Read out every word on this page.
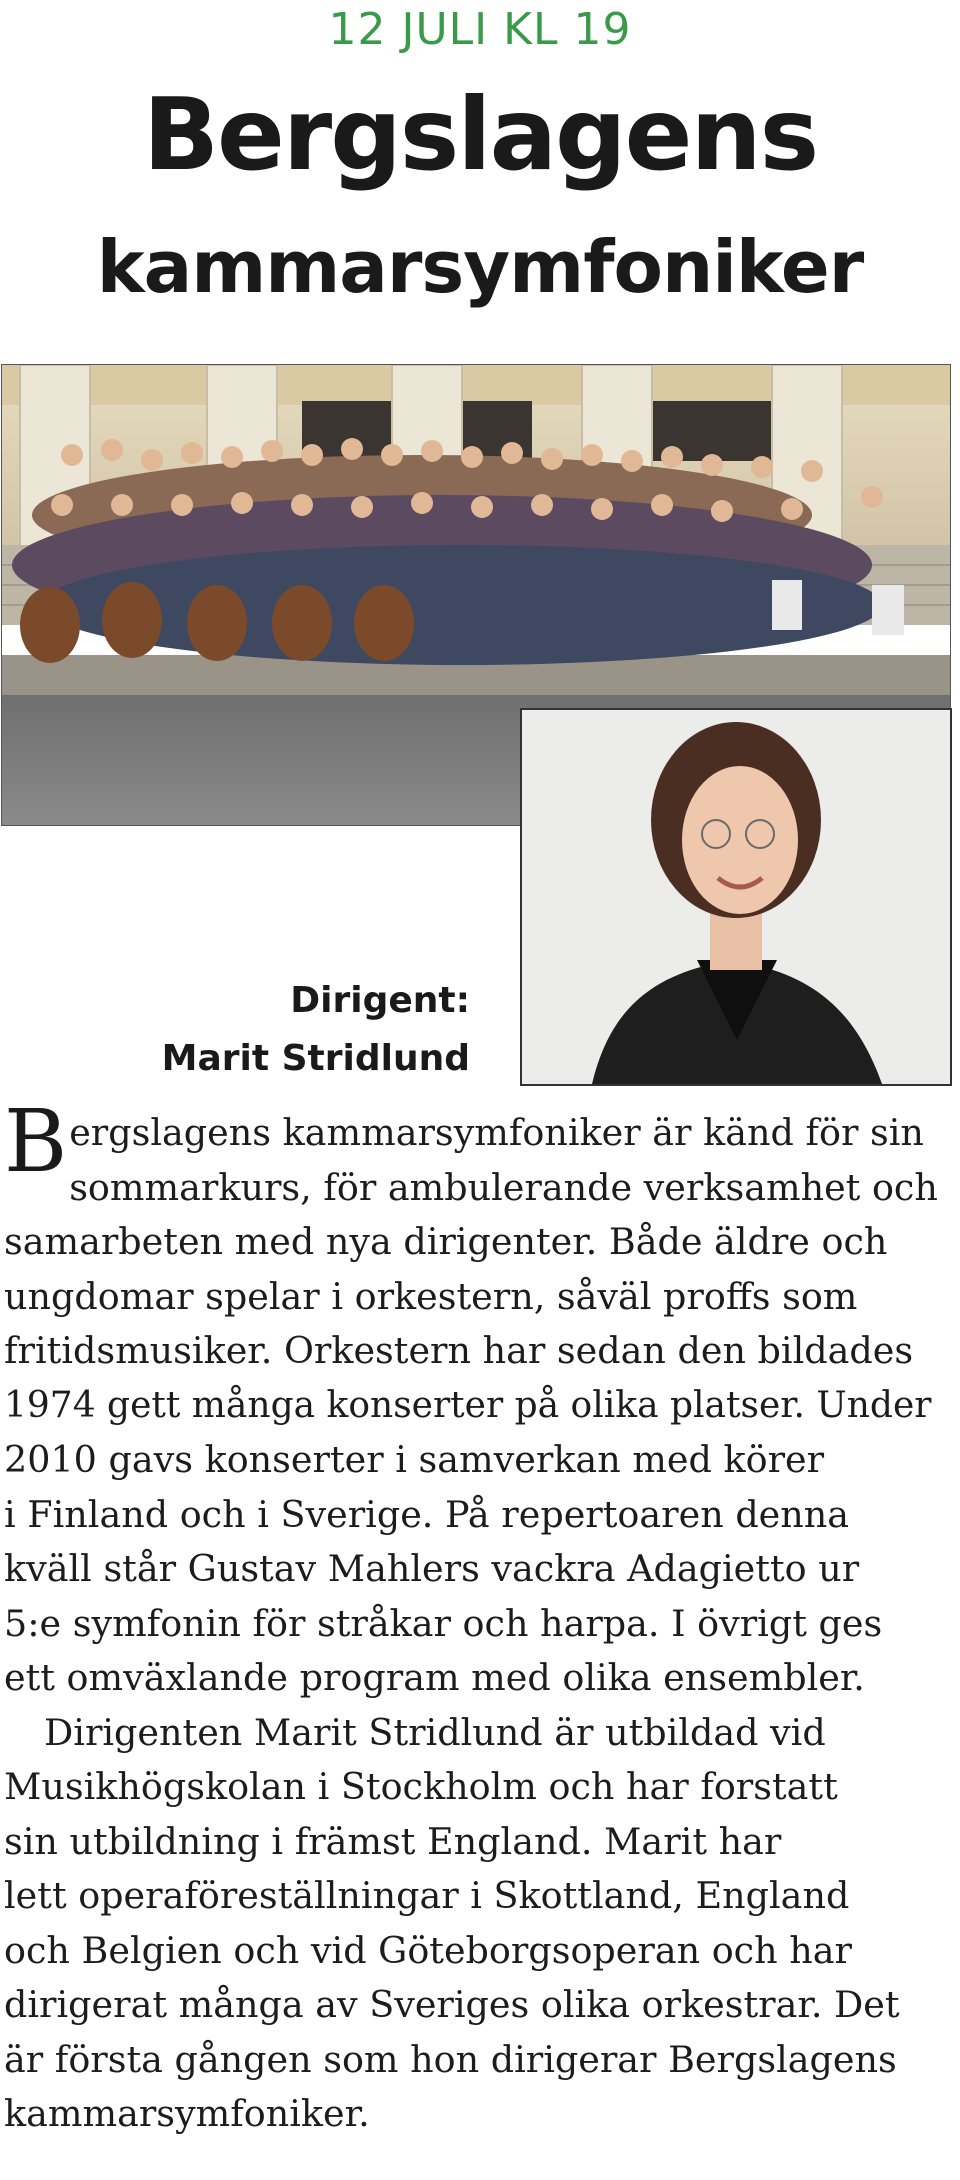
12 JULI KL 19
Bergslagens
kammarsymfoniker
Dirigent:
Marit Stridlund
B ergslagens kammarsymfoniker är känd för sin
sommarkurs, för ambulerande verksamhet och
samarbeten med nya dirigenter. Både äldre och
ungdomar spelar i orkestern, såväl proffs som
fritidsmusiker. Orkestern har sedan den bildades
1974 gett många konserter på olika platser. Under
2010 gavs konserter i samverkan med körer
i Finland och i Sverige. På repertoaren denna
kväll står Gustav Mahlers vackra Adagietto ur
5:e symfonin för stråkar och harpa. I övrigt ges
ett omväxlande program med olika ensembler.
Dirigenten Marit Stridlund är utbildad vid
Musikhögskolan i Stockholm och har forstatt
sin utbildning i främst England. Marit har
lett operaföreställningar i Skottland, England
och Belgien och vid Göteborgsoperan och har
dirigerat många av Sveriges olika orkestrar. Det
är första gången som hon dirigerar Bergslagens
kammarsymfoniker.
